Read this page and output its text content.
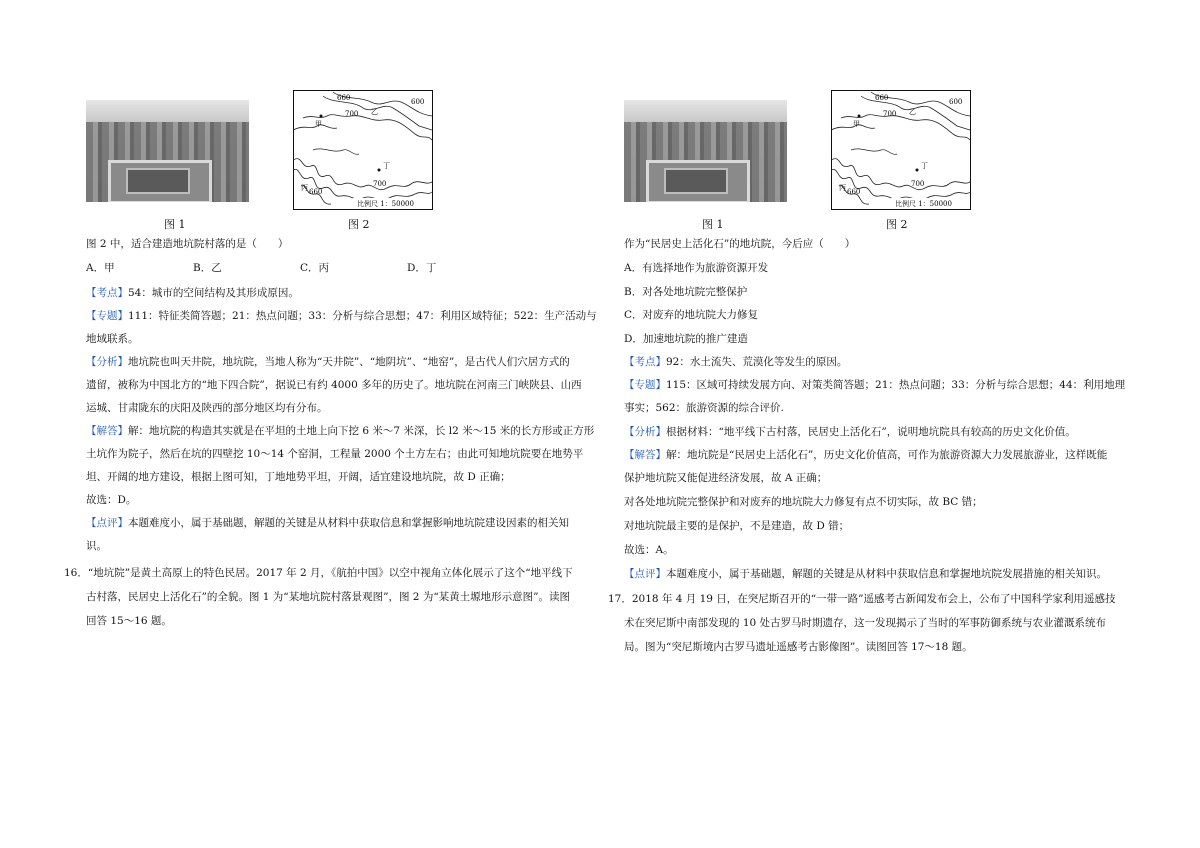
660	600
700
甲
乙
丁
700
丙 660
比例尺 1：50000
图 1	图 2
图 2 中，适合建造地坑院村落的是（　　）
A．甲	B．乙	C．丙	D．丁
【考点】54：城市的空间结构及其形成原因。
【专题】111：特征类简答题；21：热点问题；33：分析与综合思想；47：利用区域特征；522：生产活动与
地域联系。
【分析】地坑院也叫天井院，地坑院，当地人称为“天井院”、“地阴坑”、“地窑”，是古代人们穴居方式的
遗留，被称为中国北方的“地下四合院”，据说已有约 4000 多年的历史了。地坑院在河南三门峡陕县、山西
运城、甘肃陇东的庆阳及陕西的部分地区均有分布。
【解答】解：地坑院的构造其实就是在平坦的土地上向下挖 6 米～7 米深，长 l2 米～15 米的长方形或正方形
土坑作为院子，然后在坑的四壁挖 10～14 个窑洞，工程量 2000 个土方左右；由此可知地坑院要在地势平
坦、开阔的地方建设，根据上图可知，丁地地势平坦，开阔，适宜建设地坑院，故 D 正确；
故选：D。
【点评】本题难度小，属于基础题，解题的关键是从材料中获取信息和掌握影响地坑院建设因素的相关知
识。
16．“地坑院”是黄土高原上的特色民居。2017 年 2 月，《航拍中国》以空中视角立体化展示了这个“地平线下
古村落，民居史上活化石”的全貌。图 1 为“某地坑院村落景观图”，图 2 为“某黄土塬地形示意图”。读图
回答 15～16 题。
660	600
700
甲
乙
丁
700
丙 660
比例尺 1：50000
图 1	图 2
作为“民居史上活化石”的地坑院，今后应（　　）
A．有选择地作为旅游资源开发
B．对各处地坑院完整保护
C．对废弃的地坑院大力修复
D．加速地坑院的推广建造
【考点】92：水土流失、荒漠化等发生的原因。
【专题】115：区域可持续发展方向、对策类简答题；21：热点问题；33：分析与综合思想；44：利用地理
事实；562：旅游资源的综合评价.
【分析】根据材料：“地平线下古村落，民居史上活化石”，说明地坑院具有较高的历史文化价值。
【解答】解：地坑院是“民居史上活化石”，历史文化价值高，可作为旅游资源大力发展旅游业，这样既能
保护地坑院又能促进经济发展，故 A 正确；
对各处地坑院完整保护和对废弃的地坑院大力修复有点不切实际，故 BC 错；
对地坑院最主要的是保护，不是建造，故 D 错；
故选：A。
【点评】本题难度小，属于基础题，解题的关键是从材料中获取信息和掌握地坑院发展措施的相关知识。
17．2018 年 4 月 19 日，在突尼斯召开的“一带一路”遥感考古新闻发布会上，公布了中国科学家利用遥感技
术在突尼斯中南部发现的 10 处古罗马时期遗存，这一发现揭示了当时的军事防御系统与农业灌溉系统布
局。图为“突尼斯境内古罗马遗址遥感考古影像图”。读图回答 17～18 题。
